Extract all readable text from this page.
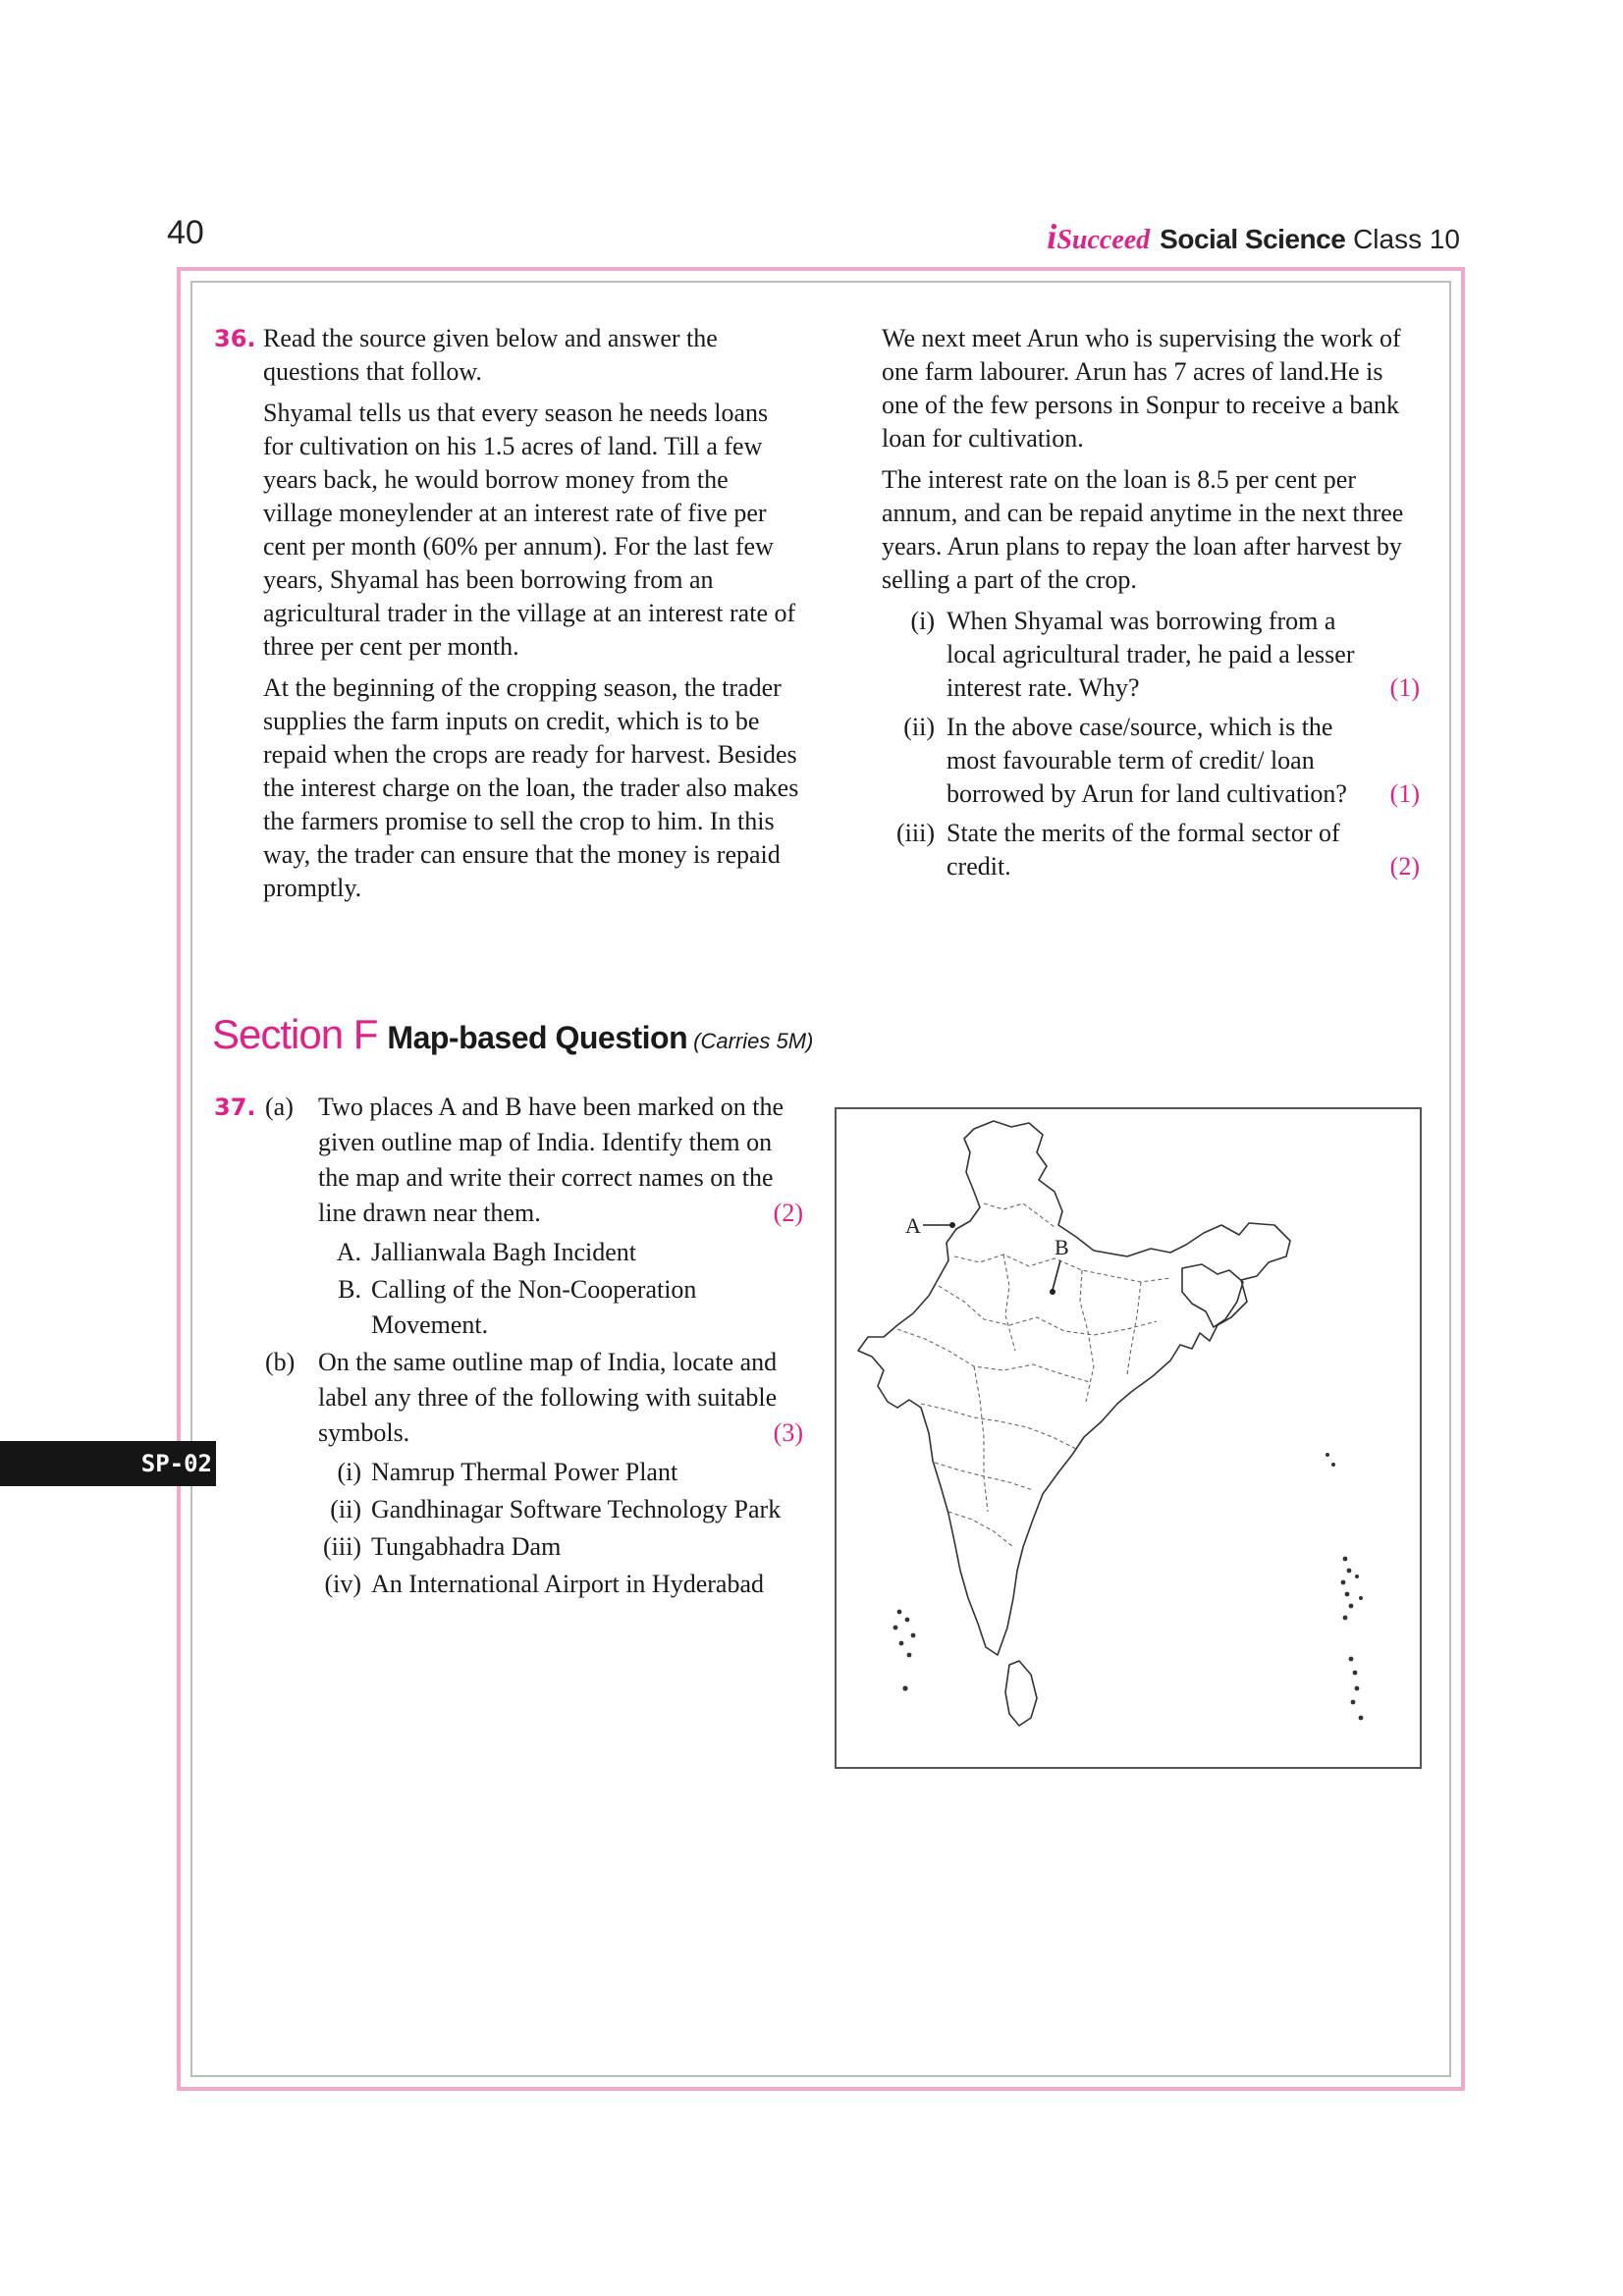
40	iSucceed Social Science Class 10
SP-02
36. Read the source given below and answer the questions that follow.

Shyamal tells us that every season he needs loans for cultivation on his 1.5 acres of land. Till a few years back, he would borrow money from the village moneylender at an interest rate of five per cent per month (60% per annum). For the last few years, Shyamal has been borrowing from an agricultural trader in the village at an interest rate of three per cent per month.

At the beginning of the cropping season, the trader supplies the farm inputs on credit, which is to be repaid when the crops are ready for harvest. Besides the interest charge on the loan, the trader also makes the farmers promise to sell the crop to him. In this way, the trader can ensure that the money is repaid promptly.

We next meet Arun who is supervising the work of one farm labourer. Arun has 7 acres of land.He is one of the few persons in Sonpur to receive a bank loan for cultivation.

The interest rate on the loan is 8.5 per cent per annum, and can be repaid anytime in the next three years. Arun plans to repay the loan after harvest by selling a part of the crop.

(i) When Shyamal was borrowing from a local agricultural trader, he paid a lesser interest rate. Why?	(1)
(ii) In the above case/source, which is the most favourable term of credit/ loan borrowed by Arun for land cultivation?	(1)
(iii) State the merits of the formal sector of credit.	(2)
Section F Map-based Question (Carries 5M)
37. (a) Two places A and B have been marked on the given outline map of India. Identify them on the map and write their correct names on the line drawn near them.	(2)
A. Jallianwala Bagh Incident
B. Calling of the Non-Cooperation Movement.
(b) On the same outline map of India, locate and label any three of the following with suitable symbols.	(3)
(i) Namrup Thermal Power Plant
(ii) Gandhinagar Software Technology Park
(iii) Tungabhadra Dam
(iv) An International Airport in Hyderabad
A
B
